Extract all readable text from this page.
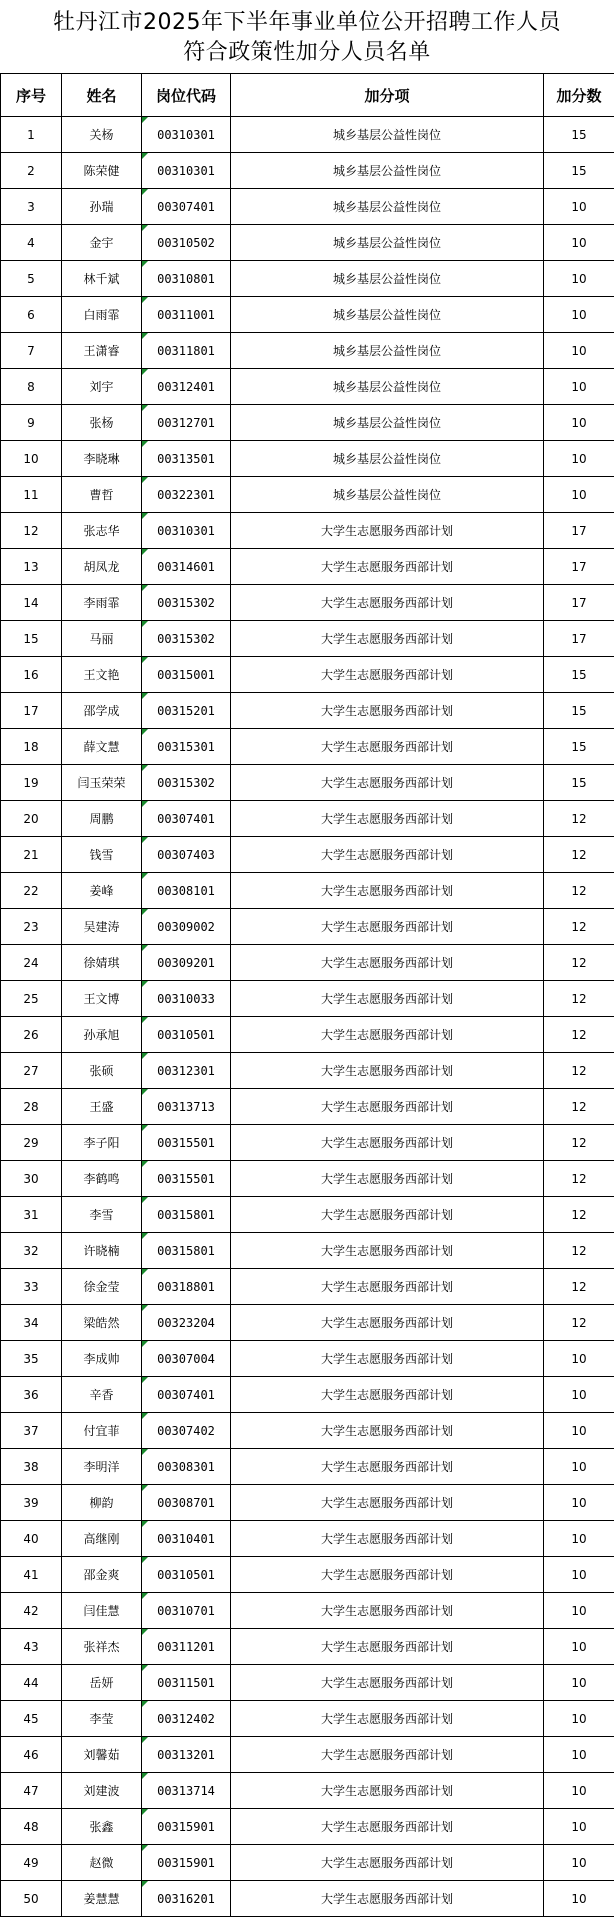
牡丹江市2025年下半年事业单位公开招聘工作人员
符合政策性加分人员名单
序号	姓名	岗位代码	加分项	加分数
1	关杨	00310301	城乡基层公益性岗位	15
2	陈荣健	00310301	城乡基层公益性岗位	15
3	孙瑞	00307401	城乡基层公益性岗位	10
4	金宇	00310502	城乡基层公益性岗位	10
5	林千斌	00310801	城乡基层公益性岗位	10
6	白雨霏	00311001	城乡基层公益性岗位	10
7	王潇睿	00311801	城乡基层公益性岗位	10
8	刘宇	00312401	城乡基层公益性岗位	10
9	张杨	00312701	城乡基层公益性岗位	10
10	李晓琳	00313501	城乡基层公益性岗位	10
11	曹哲	00322301	城乡基层公益性岗位	10
12	张志华	00310301	大学生志愿服务西部计划	17
13	胡凤龙	00314601	大学生志愿服务西部计划	17
14	李雨霏	00315302	大学生志愿服务西部计划	17
15	马丽	00315302	大学生志愿服务西部计划	17
16	王文艳	00315001	大学生志愿服务西部计划	15
17	邵学成	00315201	大学生志愿服务西部计划	15
18	薛文慧	00315301	大学生志愿服务西部计划	15
19	闫玉荣荣	00315302	大学生志愿服务西部计划	15
20	周鹏	00307401	大学生志愿服务西部计划	12
21	钱雪	00307403	大学生志愿服务西部计划	12
22	姜峰	00308101	大学生志愿服务西部计划	12
23	吴建涛	00309002	大学生志愿服务西部计划	12
24	徐婧琪	00309201	大学生志愿服务西部计划	12
25	王文博	00310033	大学生志愿服务西部计划	12
26	孙承旭	00310501	大学生志愿服务西部计划	12
27	张硕	00312301	大学生志愿服务西部计划	12
28	王盛	00313713	大学生志愿服务西部计划	12
29	李子阳	00315501	大学生志愿服务西部计划	12
30	李鹤鸣	00315501	大学生志愿服务西部计划	12
31	李雪	00315801	大学生志愿服务西部计划	12
32	许晓楠	00315801	大学生志愿服务西部计划	12
33	徐金莹	00318801	大学生志愿服务西部计划	12
34	梁皓然	00323204	大学生志愿服务西部计划	12
35	李成帅	00307004	大学生志愿服务西部计划	10
36	辛香	00307401	大学生志愿服务西部计划	10
37	付宜菲	00307402	大学生志愿服务西部计划	10
38	李明洋	00308301	大学生志愿服务西部计划	10
39	柳韵	00308701	大学生志愿服务西部计划	10
40	高继刚	00310401	大学生志愿服务西部计划	10
41	邵金爽	00310501	大学生志愿服务西部计划	10
42	闫佳慧	00310701	大学生志愿服务西部计划	10
43	张祥杰	00311201	大学生志愿服务西部计划	10
44	岳妍	00311501	大学生志愿服务西部计划	10
45	李莹	00312402	大学生志愿服务西部计划	10
46	刘馨茹	00313201	大学生志愿服务西部计划	10
47	刘建波	00313714	大学生志愿服务西部计划	10
48	张鑫	00315901	大学生志愿服务西部计划	10
49	赵微	00315901	大学生志愿服务西部计划	10
50	姜慧慧	00316201	大学生志愿服务西部计划	10
